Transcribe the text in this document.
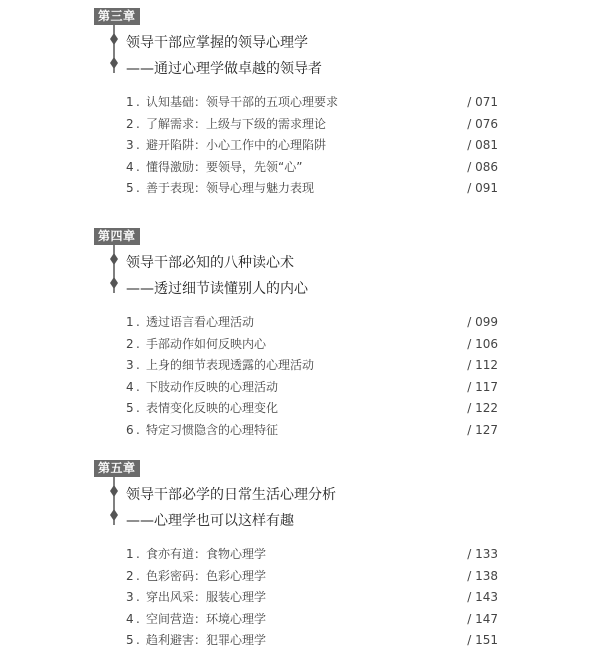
第三章
领导干部应掌握的领导心理学
——通过心理学做卓越的领导者
1 . 认知基础：领导干部的五项心理要求	/ 071
2 . 了解需求：上级与下级的需求理论	/ 076
3 . 避开陷阱：小心工作中的心理陷阱	/ 081
4 . 懂得激励：要领导，先领“心”	/ 086
5 . 善于表现：领导心理与魅力表现	/ 091
第四章
领导干部必知的八种读心术
——透过细节读懂别人的内心
1 . 透过语言看心理活动	/ 099
2 . 手部动作如何反映内心	/ 106
3 . 上身的细节表现透露的心理活动	/ 112
4 . 下肢动作反映的心理活动	/ 117
5 . 表情变化反映的心理变化	/ 122
6 . 特定习惯隐含的心理特征	/ 127
第五章
领导干部必学的日常生活心理分析
——心理学也可以这样有趣
1 . 食亦有道：食物心理学	/ 133
2 . 色彩密码：色彩心理学	/ 138
3 . 穿出风采：服装心理学	/ 143
4 . 空间营造：环境心理学	/ 147
5 . 趋利避害：犯罪心理学	/ 151
